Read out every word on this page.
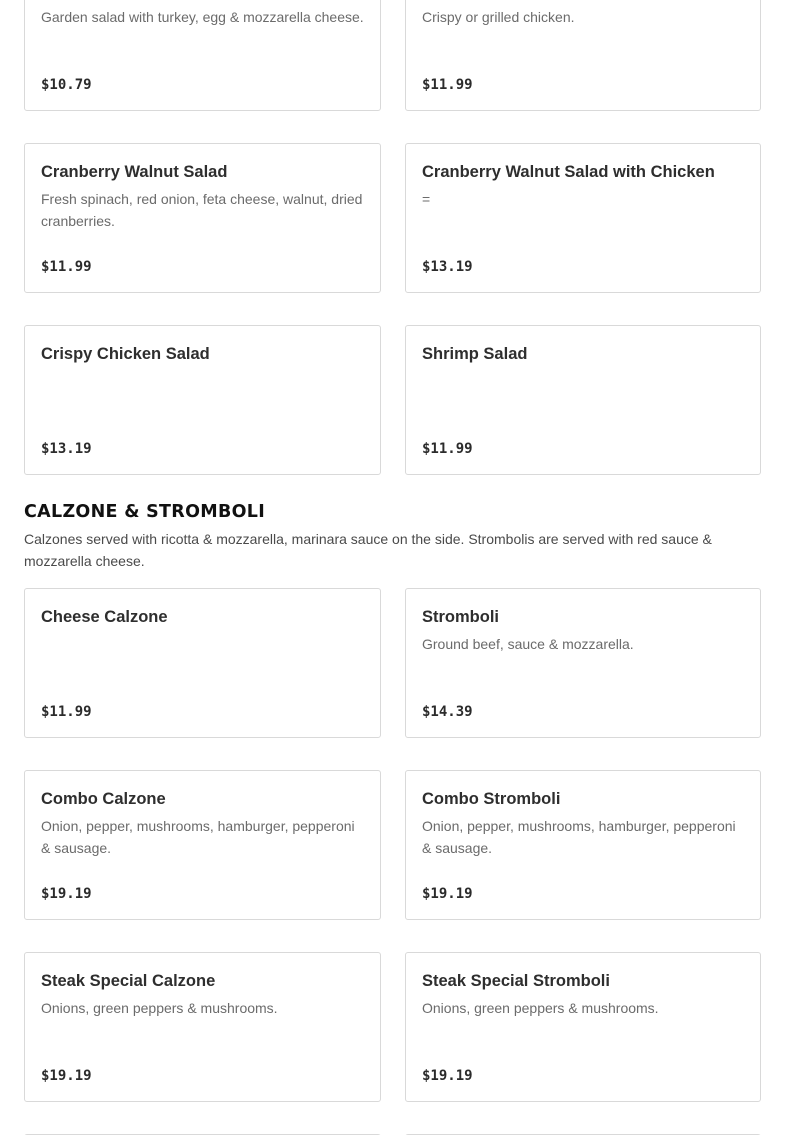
Garden salad with turkey, egg & mozzarella cheese.
$10.79
Crispy or grilled chicken.
$11.99
Cranberry Walnut Salad
Fresh spinach, red onion, feta cheese, walnut, dried cranberries.
$11.99
Cranberry Walnut Salad with Chicken
=
$13.19
Crispy Chicken Salad
$13.19
Shrimp Salad
$11.99
CALZONE & STROMBOLI
Calzones served with ricotta & mozzarella, marinara sauce on the side. Strombolis are served with red sauce & mozzarella cheese.
Cheese Calzone
$11.99
Stromboli
Ground beef, sauce & mozzarella.
$14.39
Combo Calzone
Onion, pepper, mushrooms, hamburger, pepperoni & sausage.
$19.19
Combo Stromboli
Onion, pepper, mushrooms, hamburger, pepperoni & sausage.
$19.19
Steak Special Calzone
Onions, green peppers & mushrooms.
$19.19
Steak Special Stromboli
Onions, green peppers & mushrooms.
$19.19
